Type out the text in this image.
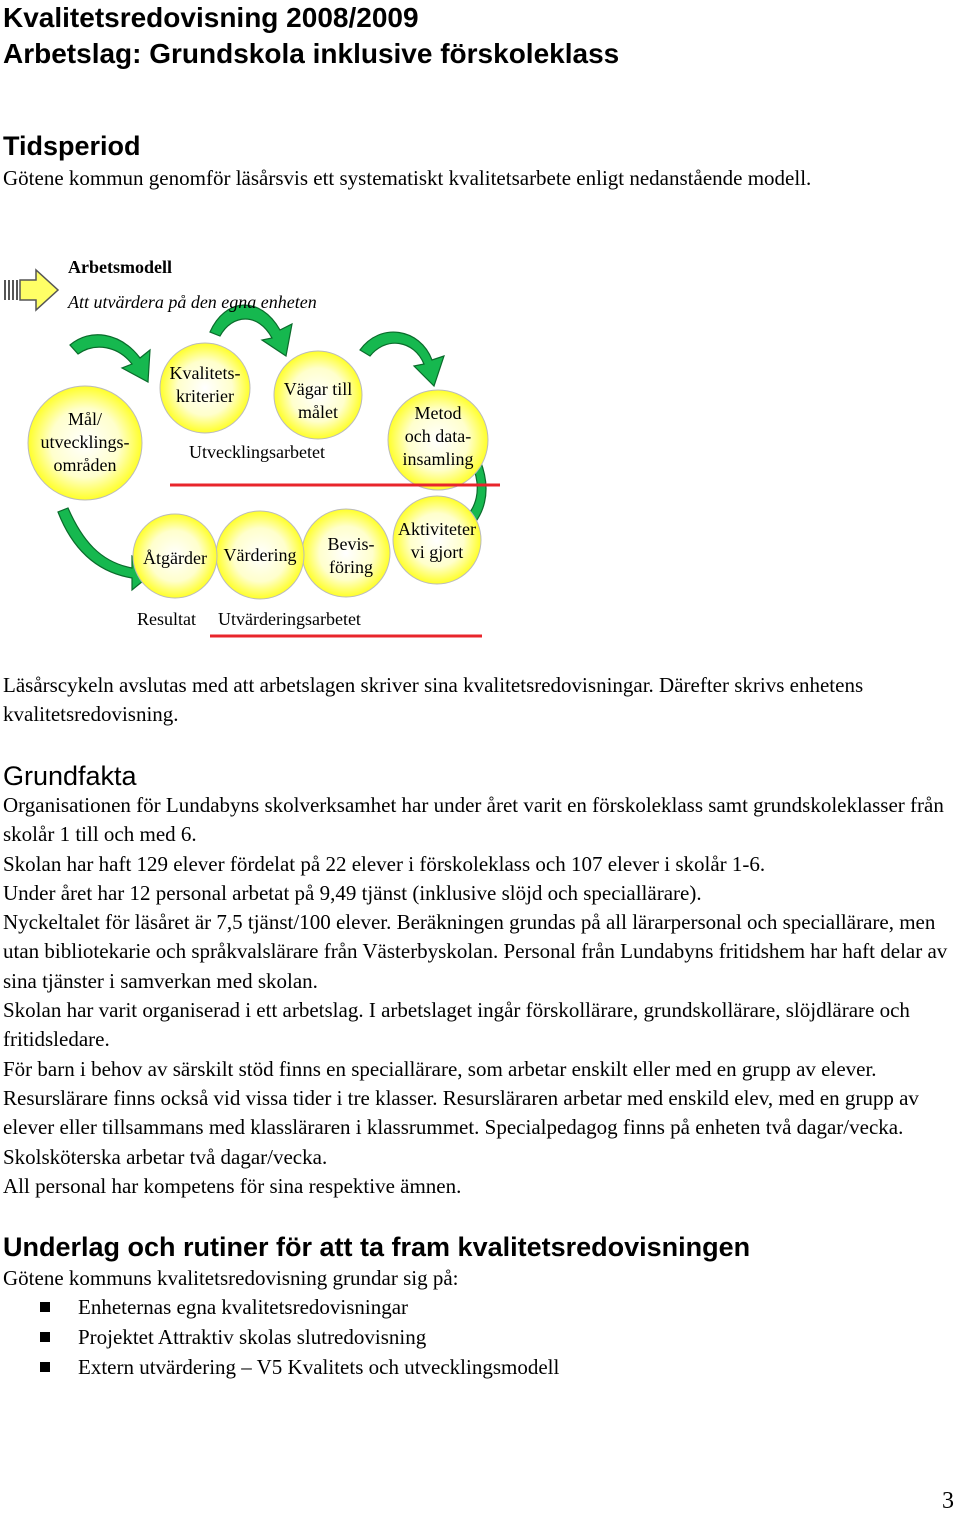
Kvalitetsredovisning 2008/2009
Arbetslag: Grundskola inklusive förskoleklass
Tidsperiod
Götene kommun genomför läsårsvis ett systematiskt kvalitetsarbete enligt nedanstående modell.
Arbetsmodell
Att utvärdera på den egna enheten
Mål/
utvecklings-
områden
Kvalitets-
kriterier	Vägar till
målet	Metod
och data-
insamling
Utvecklingsarbetet
Aktiviteter
vi gjort
Bevis-
föring
Värdering
Åtgärder
Resultat Utvärderingsarbetet
Läsårscykeln avslutas med att arbetslagen skriver sina kvalitetsredovisningar. Därefter skrivs enhetens kvalitetsredovisning.
Grundfakta

Organisationen för Lundabyns skolverksamhet har under året varit en förskoleklass samt grundskoleklasser från skolår 1 till och med 6.

Skolan har haft 129 elever fördelat på 22 elever i förskoleklass och 107 elever i skolår 1-6.

Under året har 12 personal arbetat på 9,49 tjänst (inklusive slöjd och speciallärare).

Nyckeltalet för läsåret är 7,5 tjänst/100 elever. Beräkningen grundas på all lärarpersonal och speciallärare, men utan bibliotekarie och språkvalslärare från Västerbyskolan. Personal från Lundabyns fritidshem har haft delar av sina tjänster i samverkan med skolan.

Skolan har varit organiserad i ett arbetslag. I arbetslaget ingår förskollärare, grundskollärare, slöjdlärare och fritidsledare.

För barn i behov av särskilt stöd finns en speciallärare, som arbetar enskilt eller med en grupp av elever. Resurslärare finns också vid vissa tider i tre klasser. Resursläraren arbetar med enskild elev, med en grupp av elever eller tillsammans med klassläraren i klassrummet. Specialpedagog finns på enheten två dagar/vecka. Skolsköterska arbetar två dagar/vecka.

All personal har kompetens för sina respektive ämnen.

Underlag och rutiner för att ta fram kvalitetsredovisningen
Götene kommuns kvalitetsredovisning grundar sig på:
Enheternas egna kvalitetsredovisningar
Projektet Attraktiv skolas slutredovisning
Extern utvärdering – V5 Kvalitets och utvecklingsmodell
3
